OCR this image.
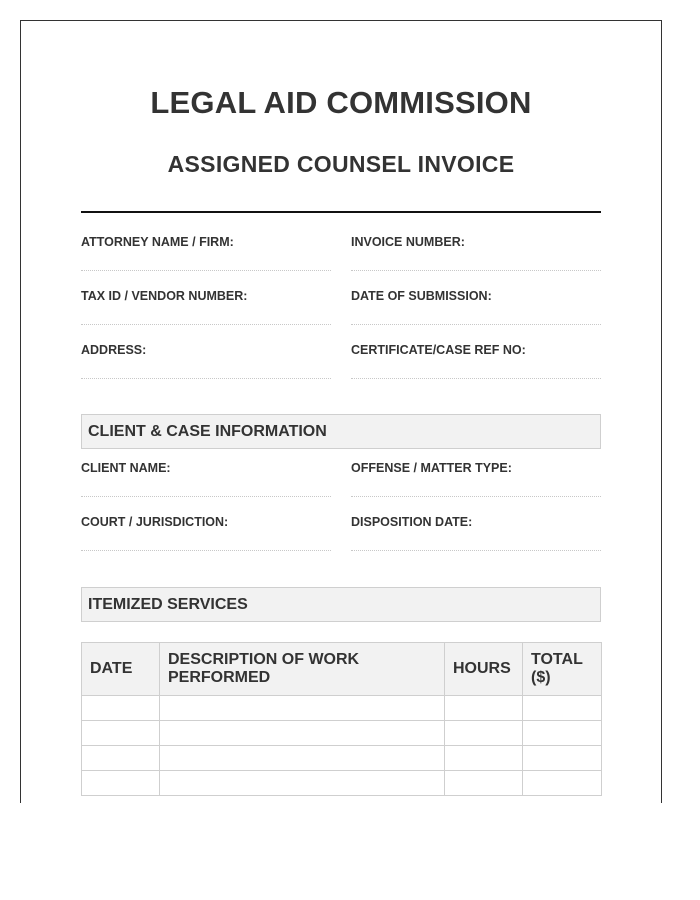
LEGAL AID COMMISSION
ASSIGNED COUNSEL INVOICE
ATTORNEY NAME / FIRM:	INVOICE NUMBER:
TAX ID / VENDOR NUMBER:	DATE OF SUBMISSION:
ADDRESS:	CERTIFICATE/CASE REF NO:
CLIENT & CASE INFORMATION
CLIENT NAME:	OFFENSE / MATTER TYPE:
COURT / JURISDICTION:	DISPOSITION DATE:
ITEMIZED SERVICES
DATE	DESCRIPTION OF WORK PERFORMED	HOURS	TOTAL ($)
